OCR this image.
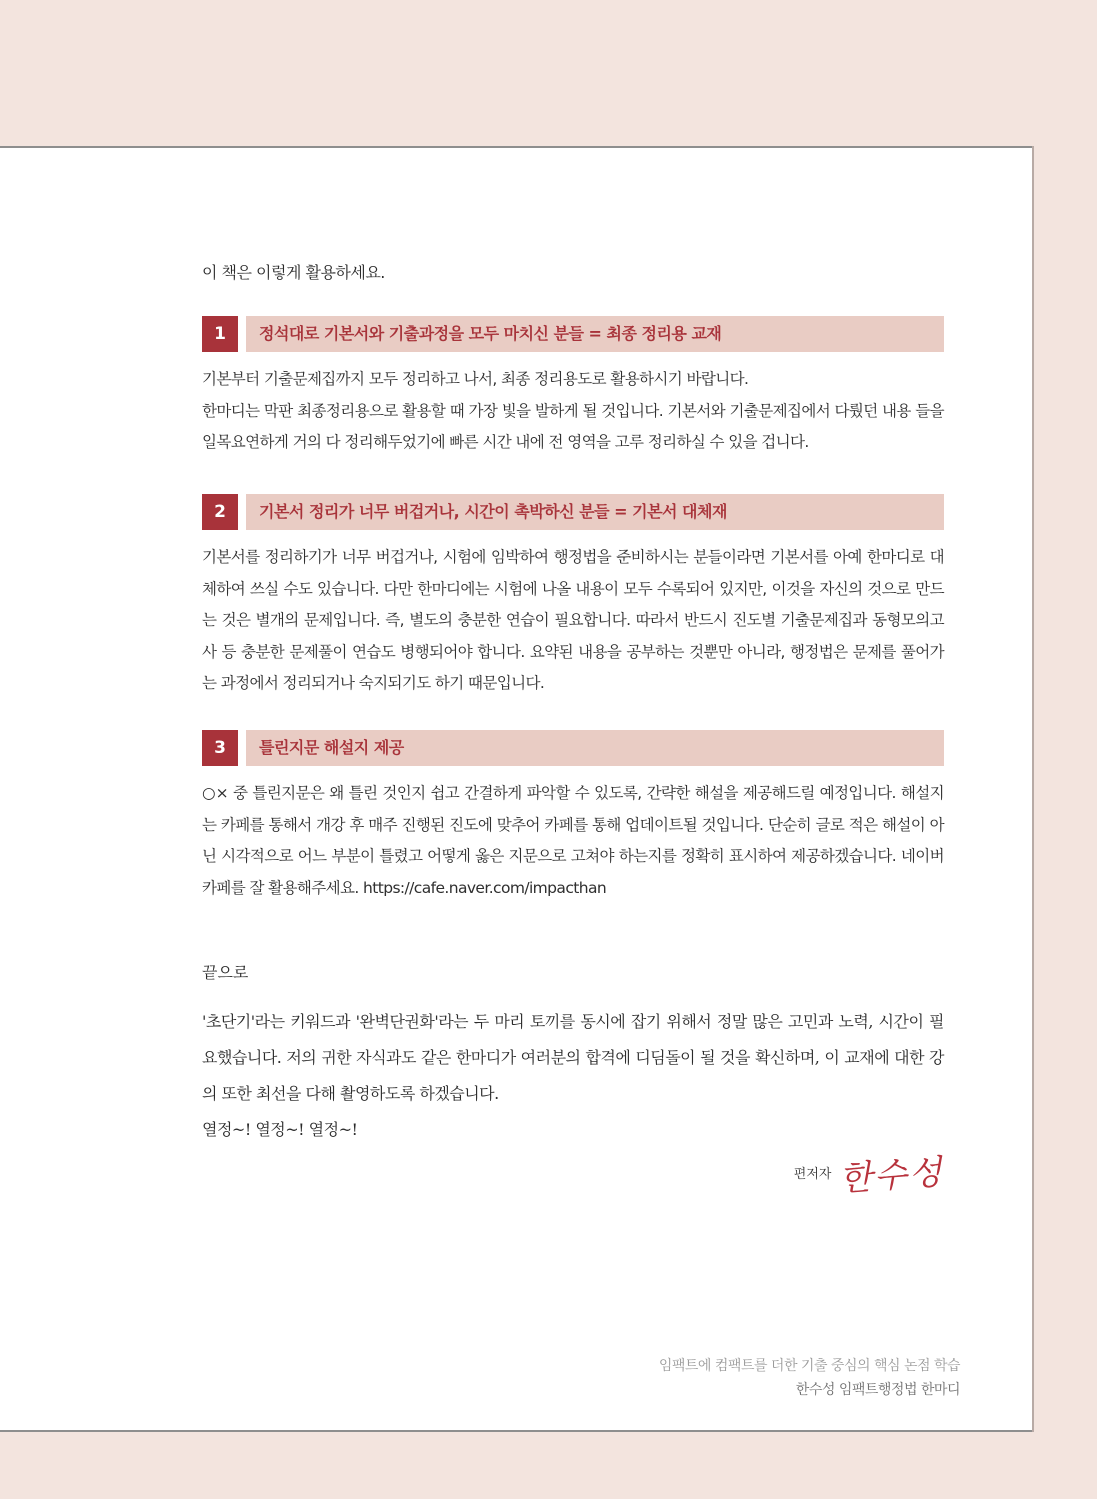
이 책은 이렇게 활용하세요.
1	정석대로 기본서와 기출과정을 모두 마치신 분들 = 최종 정리용 교재

기본부터 기출문제집까지 모두 정리하고 나서, 최종 정리용도로 활용하시기 바랍니다.

한마디는 막판 최종정리용으로 활용할 때 가장 빛을 발하게 될 것입니다. 기본서와 기출문제집에서 다뤘던 내용 들을 일목요연하게 거의 다 정리해두었기에 빠른 시간 내에 전 영역을 고루 정리하실 수 있을 겁니다.

2	기본서 정리가 너무 버겁거나, 시간이 촉박하신 분들 = 기본서 대체재

기본서를 정리하기가 너무 버겁거나, 시험에 임박하여 행정법을 준비하시는 분들이라면 기본서를 아예 한마디로 대체하여 쓰실 수도 있습니다. 다만 한마디에는 시험에 나올 내용이 모두 수록되어 있지만, 이것을 자신의 것으로 만드는 것은 별개의 문제입니다. 즉, 별도의 충분한 연습이 필요합니다. 따라서 반드시 진도별 기출문제집과 동형모의고사 등 충분한 문제풀이 연습도 병행되어야 합니다. 요약된 내용을 공부하는 것뿐만 아니라, 행정법은 문제를 풀어가는 과정에서 정리되거나 숙지되기도 하기 때문입니다.

3	틀린지문 해설지 제공

○× 중 틀린지문은 왜 틀린 것인지 쉽고 간결하게 파악할 수 있도록, 간략한 해설을 제공해드릴 예정입니다. 해설지는 카페를 통해서 개강 후 매주 진행된 진도에 맞추어 카페를 통해 업데이트될 것입니다. 단순히 글로 적은 해설이 아닌 시각적으로 어느 부분이 틀렸고 어떻게 옳은 지문으로 고쳐야 하는지를 정확히 표시하여 제공하겠습니다. 네이버 카페를 잘 활용해주세요. https://cafe.naver.com/impacthan

끝으로

'초단기'라는 키워드과 '완벽단권화'라는 두 마리 토끼를 동시에 잡기 위해서 정말 많은 고민과 노력, 시간이 필요했습니다. 저의 귀한 자식과도 같은 한마디가 여러분의 합격에 디딤돌이 될 것을 확신하며, 이 교재에 대한 강의 또한 최선을 다해 촬영하도록 하겠습니다.

열정~! 열정~! 열정~!

편저자 한수성
임팩트에 컴팩트를 더한 기출 중심의 핵심 논점 학습
한수성 임팩트행정법 한마디
